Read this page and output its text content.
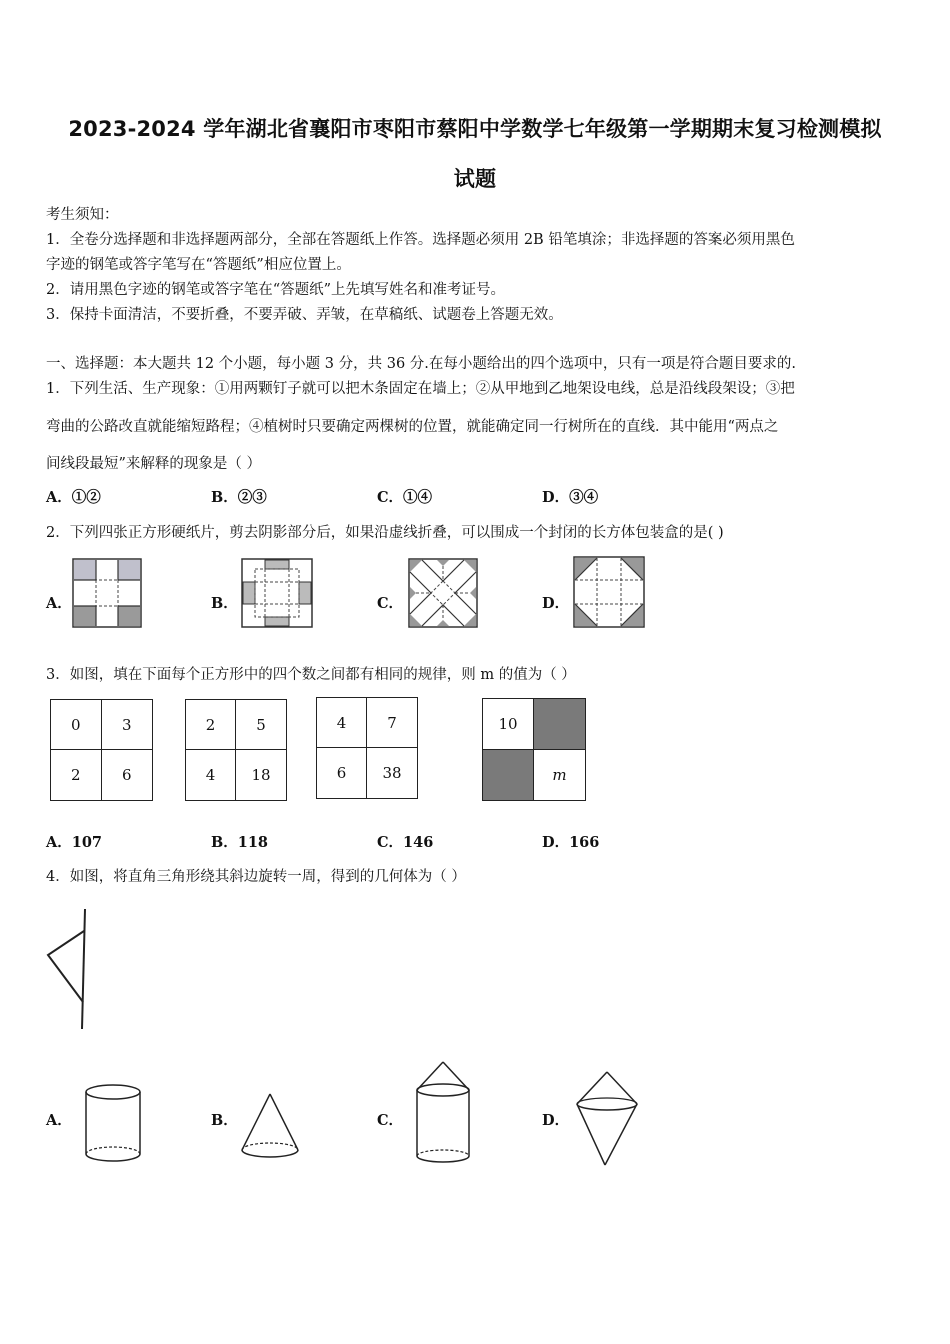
2023-2024 学年湖北省襄阳市枣阳市蔡阳中学数学七年级第一学期期末复习检测模拟
试题
考生须知：
1．全卷分选择题和非选择题两部分，全部在答题纸上作答。选择题必须用 2B 铅笔填涂；非选择题的答案必须用黑色
字迹的钢笔或答字笔写在“答题纸”相应位置上。
2．请用黑色字迹的钢笔或答字笔在“答题纸”上先填写姓名和准考证号。
3．保持卡面清洁，不要折叠，不要弄破、弄皱，在草稿纸、试题卷上答题无效。
一、选择题：本大题共 12 个小题，每小题 3 分，共 36 分.在每小题给出的四个选项中，只有一项是符合题目要求的.
1．下列生活、生产现象：①用两颗钉子就可以把木条固定在墙上；②从甲地到乙地架设电线，总是沿线段架设；③把
弯曲的公路改直就能缩短路程；④植树时只要确定两棵树的位置，就能确定同一行树所在的直线．其中能用“两点之
间线段最短”来解释的现象是（ ）
A．①②	B．②③	C．①④	D．③④
2．下列四张正方形硬纸片，剪去阴影部分后，如果沿虚线折叠，可以围成一个封闭的长方体包装盒的是( )
A．	B．	C．	D．
3．如图，填在下面每个正方形中的四个数之间都有相同的规律，则 m 的值为（ ）
0	3
2	6
2	5
4	18
4	7
6	38
10
m
A．107	B．118	C．146	D．166
4．如图，将直角三角形绕其斜边旋转一周，得到的几何体为（ ）
A．	B．	C．	D．
